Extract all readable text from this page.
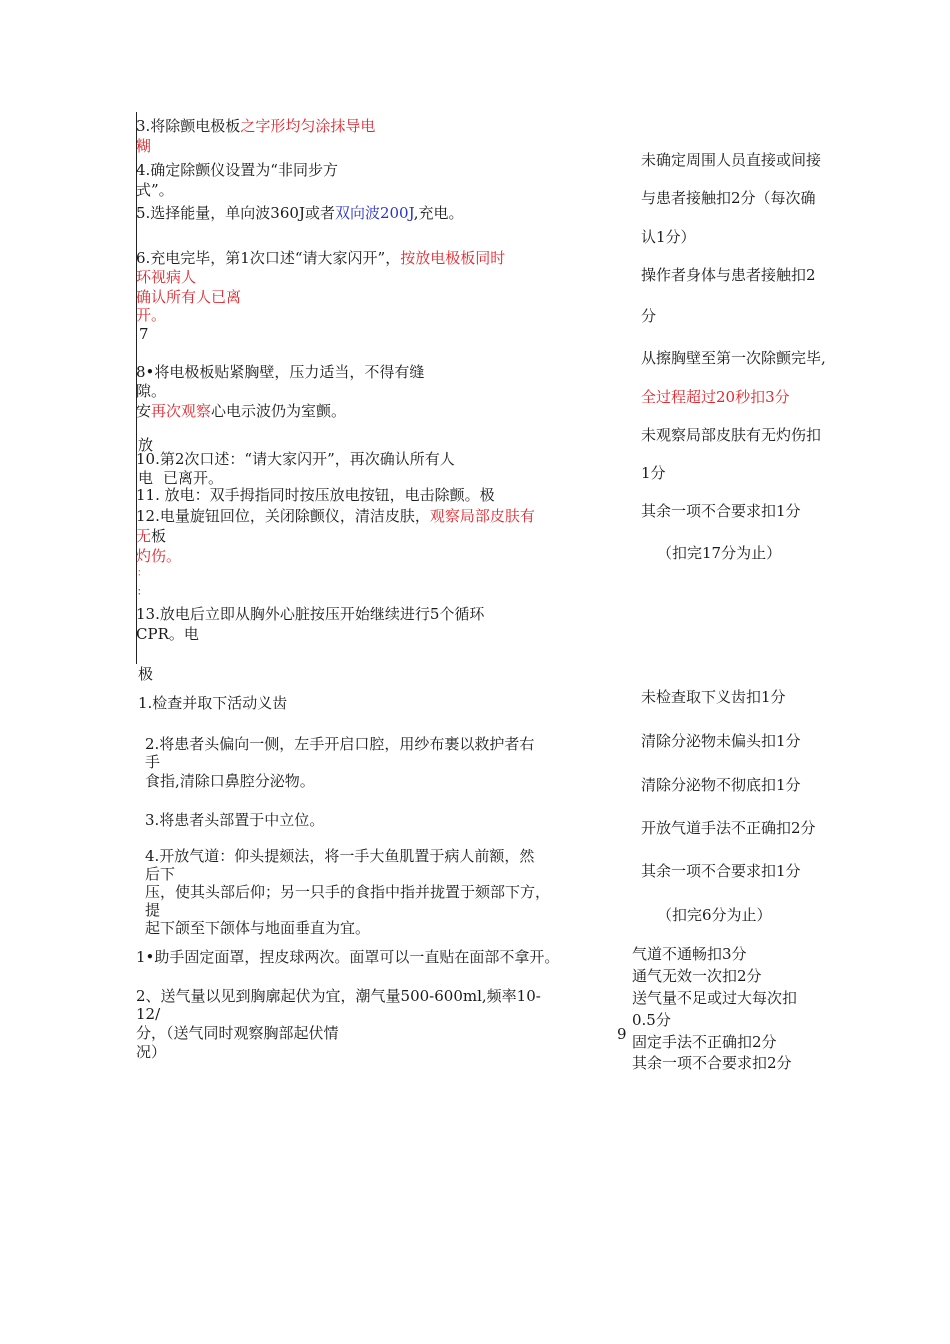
3.将除颤电极板之字形均匀涂抹导电
糊
4.确定除颤仪设置为“非同步方
式”。
5.选择能量，单向波360J或者双向波200J,充电。
6.充电完毕，第1次口述“请大家闪开”，按放电极板同时
环视病人
确认所有人已离
开。
7
8•将电极板贴紧胸壁，压力适当，不得有缝
隙。
安再次观察心电示波仍为室颤。
放
10.第2次口述：“请大家闪开”，再次确认所有人
电 已离开。
11. 放电：双手拇指同时按压放电按钮，电击除颤。极
12.电量旋钮回位，关闭除颤仪，清洁皮肤，观察局部皮肤有
无板
灼伤。
：
：
13.放电后立即从胸外心脏按压开始继续进行5个循环
CPR。电
极
未确定周围人员直接或间接
与患者接触扣2分（每次确
认1分）
操作者身体与患者接触扣2
分
从擦胸壁至第一次除颤完毕,
全过程超过20秒扣3分
未观察局部皮肤有无灼伤扣
1分
其余一项不合要求扣1分
（扣完17分为止）
1.检查并取下活动义齿
2.将患者头偏向一侧，左手开启口腔，用纱布裹以救护者右
手
食指,清除口鼻腔分泌物。
3.将患者头部置于中立位。
4.开放气道：仰头提颏法，将一手大鱼肌置于病人前额，然
后下
压，使其头部后仰；另一只手的食指中指并拢置于颏部下方，
提
起下颌至下颌体与地面垂直为宜。
未检查取下义齿扣1分
清除分泌物未偏头扣1分
清除分泌物不彻底扣1分
开放气道手法不正确扣2分
其余一项不合要求扣1分
（扣完6分为止）
1•助手固定面罩，捏皮球两次。面罩可以一直贴在面部不拿开。
2、送气量以见到胸廓起伏为宜，潮气量500-600ml,频率10-
12/
分，（送气同时观察胸部起伏情
况）
9
气道不通畅扣3分
通气无效一次扣2分
送气量不足或过大每次扣
0.5分
固定手法不正确扣2分
其余一项不合要求扣2分
